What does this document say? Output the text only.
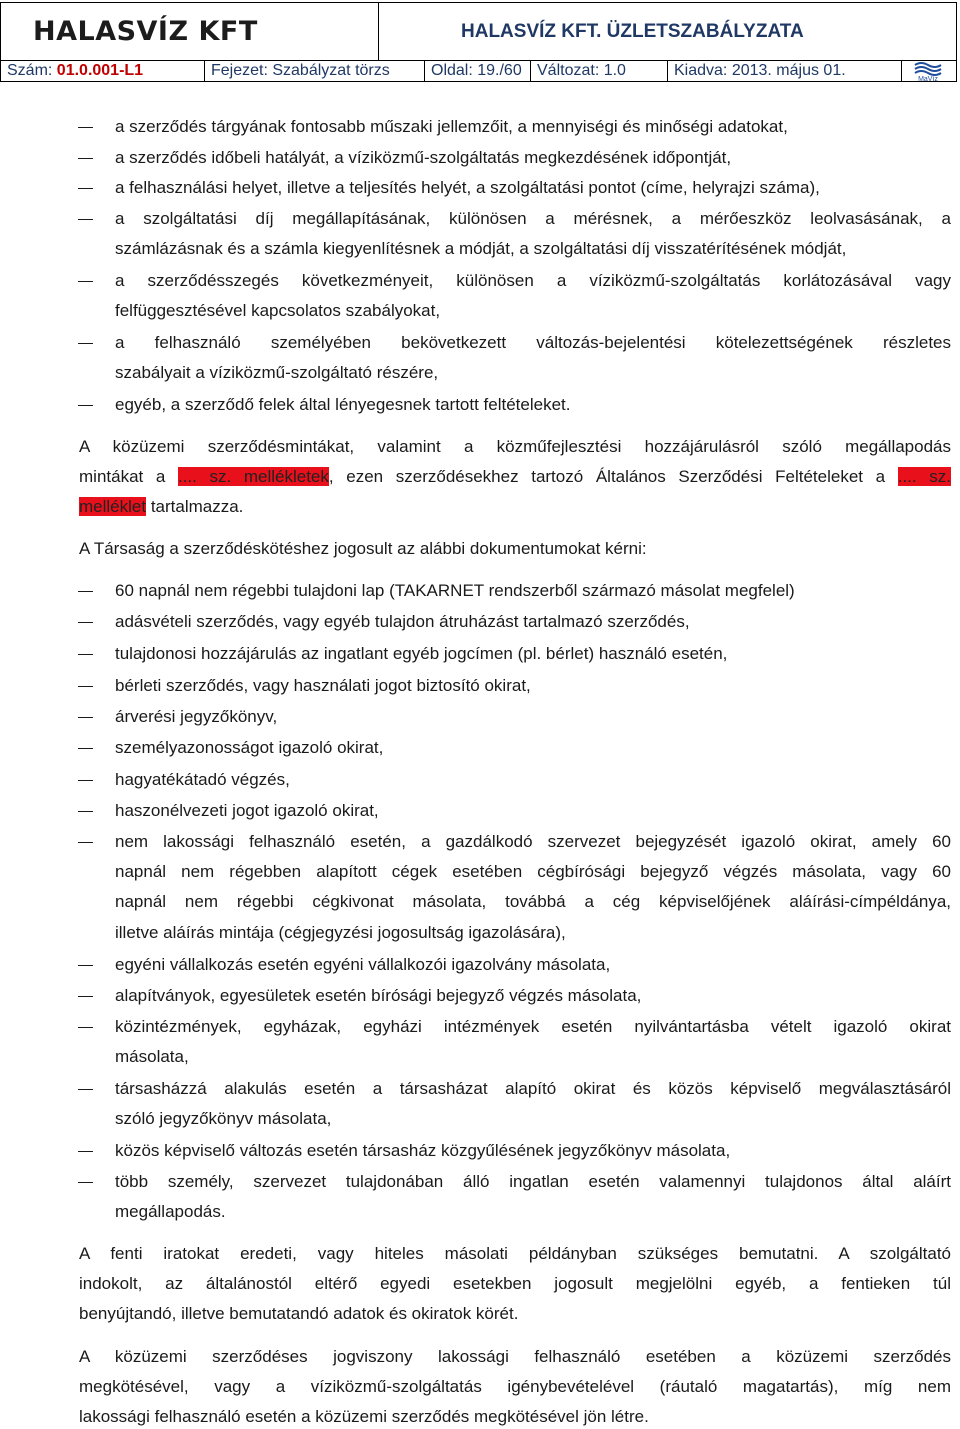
HALASVÍZ KFT	HALASVÍZ KFT. ÜZLETSZABÁLYZATA
Szám: 01.0.001-L1	Fejezet: Szabályzat törzs	Oldal: 19./60 Változat: 1.0	Kiadva: 2013. május 01.
MaVíz
a szerződés tárgyának fontosabb műszaki jellemzőit, a mennyiségi és minőségi adatokat,
a szerződés időbeli hatályát, a víziközmű-szolgáltatás megkezdésének időpontját,
a felhasználási helyet, illetve a teljesítés helyét, a szolgáltatási pontot (címe, helyrajzi száma),
a szolgáltatási díj megállapításának, különösen a mérésnek, a mérőeszköz leolvasásának, a
számlázásnak és a számla kiegyenlítésnek a módját, a szolgáltatási díj visszatérítésének módját,
a szerződésszegés következményeit, különösen a víziközmű-szolgáltatás korlátozásával vagy
felfüggesztésével kapcsolatos szabályokat,
a felhasználó személyében bekövetkezett változás-bejelentési kötelezettségének részletes
szabályait a víziközmű-szolgáltató részére,
egyéb, a szerződő felek által lényegesnek tartott feltételeket.
A közüzemi szerződésmintákat, valamint a közműfejlesztési hozzájárulásról szóló megállapodás
mintákat a .... sz. mellékletek, ezen szerződésekhez tartozó Általános Szerződési Feltételeket a .... sz.
melléklet tartalmazza.
A Társaság a szerződéskötéshez jogosult az alábbi dokumentumokat kérni:
60 napnál nem régebbi tulajdoni lap (TAKARNET rendszerből származó másolat megfelel)
adásvételi szerződés, vagy egyéb tulajdon átruházást tartalmazó szerződés,
tulajdonosi hozzájárulás az ingatlant egyéb jogcímen (pl. bérlet) használó esetén,
bérleti szerződés, vagy használati jogot biztosító okirat,
árverési jegyzőkönyv,
személyazonosságot igazoló okirat,
hagyatékátadó végzés,
haszonélvezeti jogot igazoló okirat,
nem lakossági felhasználó esetén, a gazdálkodó szervezet bejegyzését igazoló okirat, amely 60
napnál nem régebben alapított cégek esetében cégbírósági bejegyző végzés másolata, vagy 60
napnál nem régebbi cégkivonat másolata, továbbá a cég képviselőjének aláírási-címpéldánya,
illetve aláírás mintája (cégjegyzési jogosultság igazolására),
egyéni vállalkozás esetén egyéni vállalkozói igazolvány másolata,
alapítványok, egyesületek esetén bírósági bejegyző végzés másolata,
közintézmények, egyházak, egyházi intézmények esetén nyilvántartásba vételt igazoló okirat
másolata,
társasházzá alakulás esetén a társasházat alapító okirat és közös képviselő megválasztásáról
szóló jegyzőkönyv másolata,
közös képviselő változás esetén társasház közgyűlésének jegyzőkönyv másolata,
több személy, szervezet tulajdonában álló ingatlan esetén valamennyi tulajdonos által aláírt
megállapodás.
A fenti iratokat eredeti, vagy hiteles másolati példányban szükséges bemutatni. A szolgáltató
indokolt, az általánostól eltérő egyedi esetekben jogosult megjelölni egyéb, a fentieken túl
benyújtandó, illetve bemutatandó adatok és okiratok körét.
A közüzemi szerződéses jogviszony lakossági felhasználó esetében a közüzemi szerződés
megkötésével, vagy a víziközmű-szolgáltatás igénybevételével (ráutaló magatartás), míg nem
lakossági felhasználó esetén a közüzemi szerződés megkötésével jön létre.
